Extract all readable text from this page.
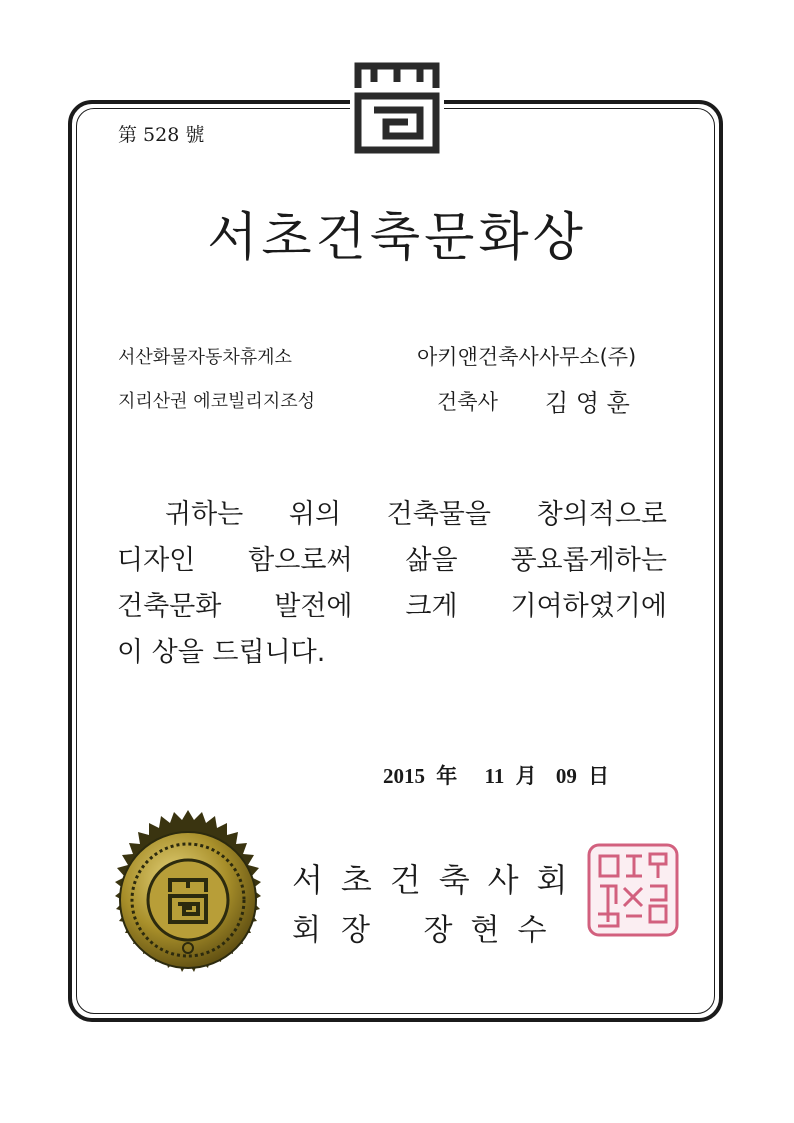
第 528 號
서초건축문화상
서산화물자동차휴게소
지리산권 에코빌리지조성
아키앤건축사사무소(주)
건축사 김 영 훈
귀하는 위의 건축물을 창의적으로
디자인 함으로써 삶을 풍요롭게하는
건축문화 발전에 크게 기여하였기에
이 상을 드립니다.
2015 年 11 月 09 日
서초건축사회
회장 장현수
